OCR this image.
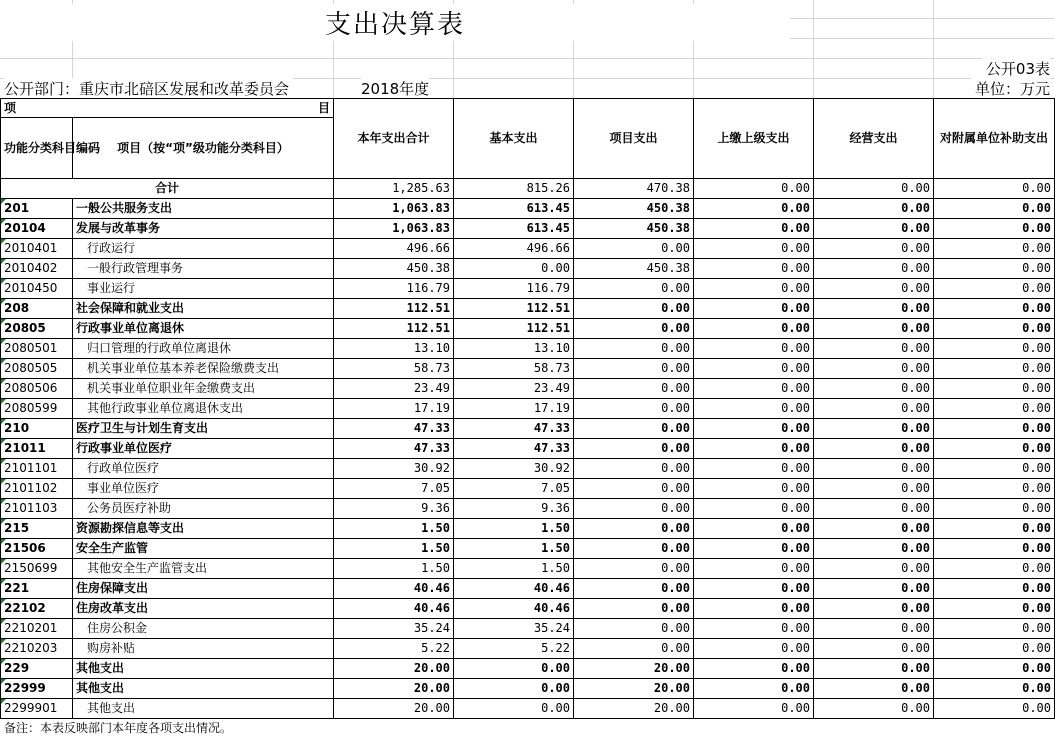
支出决算表
公开03表
公开部门：重庆市北碚区发展和改革委员会	2018年度	单位：万元
项 目		本年支出合计	基本支出	项目支出	上缴上级支出	经营支出	对附属单位补助支出
功能分类科目编码	项目（按“项”级功能分类科目）						
合计		1,285.63	815.26	470.38	0.00	0.00	0.00

201	一般公共服务支出	1,063.83	613.45	450.38	0.00	0.00	0.00

20104	发展与改革事务	1,063.83	613.45	450.38	0.00	0.00	0.00

2010401	行政运行	496.66	496.66	0.00	0.00	0.00	0.00

2010402	一般行政管理事务	450.38	0.00	450.38	0.00	0.00	0.00

2010450	事业运行	116.79	116.79	0.00	0.00	0.00	0.00

208	社会保障和就业支出	112.51	112.51	0.00	0.00	0.00	0.00

20805	行政事业单位离退休	112.51	112.51	0.00	0.00	0.00	0.00

2080501	归口管理的行政单位离退休	13.10	13.10	0.00	0.00	0.00	0.00

2080505	机关事业单位基本养老保险缴费支出	58.73	58.73	0.00	0.00	0.00	0.00

2080506	机关事业单位职业年金缴费支出	23.49	23.49	0.00	0.00	0.00	0.00

2080599	其他行政事业单位离退休支出	17.19	17.19	0.00	0.00	0.00	0.00

210	医疗卫生与计划生育支出	47.33	47.33	0.00	0.00	0.00	0.00

21011	行政事业单位医疗	47.33	47.33	0.00	0.00	0.00	0.00

2101101	行政单位医疗	30.92	30.92	0.00	0.00	0.00	0.00

2101102	事业单位医疗	7.05	7.05	0.00	0.00	0.00	0.00

2101103	公务员医疗补助	9.36	9.36	0.00	0.00	0.00	0.00

215	资源勘探信息等支出	1.50	1.50	0.00	0.00	0.00	0.00

21506	安全生产监管	1.50	1.50	0.00	0.00	0.00	0.00

2150699	其他安全生产监管支出	1.50	1.50	0.00	0.00	0.00	0.00

221	住房保障支出	40.46	40.46	0.00	0.00	0.00	0.00

22102	住房改革支出	40.46	40.46	0.00	0.00	0.00	0.00

2210201	住房公积金	35.24	35.24	0.00	0.00	0.00	0.00

2210203	购房补贴	5.22	5.22	0.00	0.00	0.00	0.00

229	其他支出	20.00	0.00	20.00	0.00	0.00	0.00

22999	其他支出	20.00	0.00	20.00	0.00	0.00	0.00

2299901	其他支出	20.00	0.00	20.00	0.00	0.00	0.00
备注：本表反映部门本年度各项支出情况。
